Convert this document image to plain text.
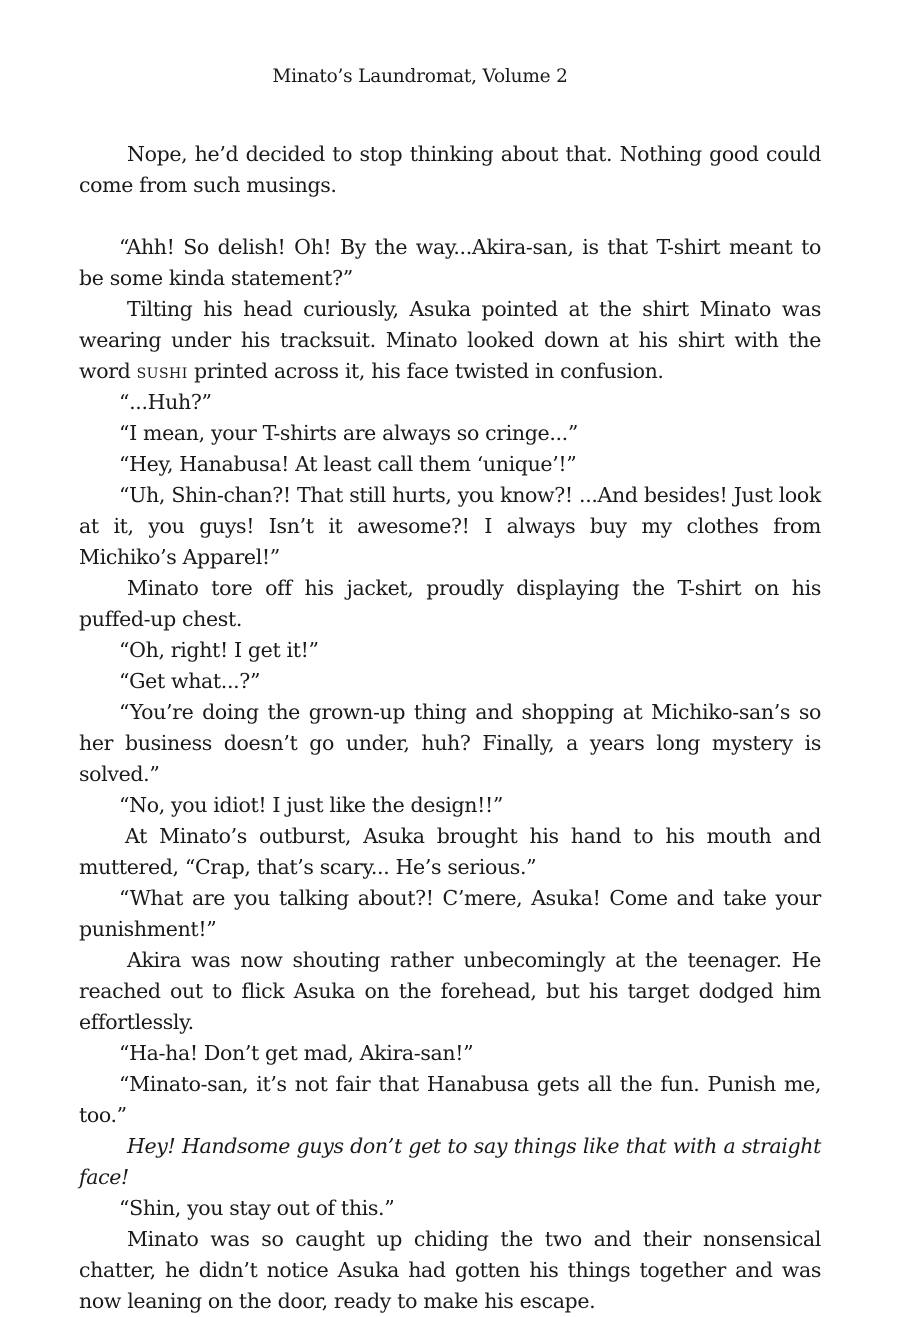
Minato’s Laundromat, Volume 2

Nope, he’d decided to stop thinking about that. Nothing good could come from such musings.

“Ahh! So delish! Oh! By the way...Akira-san, is that T-shirt meant to be some kinda statement?”

Tilting his head curiously, Asuka pointed at the shirt Minato was wearing under his tracksuit. Minato looked down at his shirt with the word sushi printed across it, his face twisted in confusion.

“...Huh?”

“I mean, your T-shirts are always so cringe...”

“Hey, Hanabusa! At least call them ‘unique’!”

“Uh, Shin-chan?! That still hurts, you know?! ...And besides! Just look at it, you guys! Isn’t it awesome?! I always buy my clothes from Michiko’s Apparel!”

Minato tore off his jacket, proudly displaying the T-shirt on his puffed-up chest.

“Oh, right! I get it!”

“Get what...?”

“You’re doing the grown-up thing and shopping at Michiko-san’s so her business doesn’t go under, huh? Finally, a years long mystery is solved.”

“No, you idiot! I just like the design!!”

At Minato’s outburst, Asuka brought his hand to his mouth and muttered, “Crap, that’s scary... He’s serious.”

“What are you talking about?! C’mere, Asuka! Come and take your punishment!”

Akira was now shouting rather unbecomingly at the teenager. He reached out to flick Asuka on the forehead, but his target dodged him effortlessly.

“Ha-ha! Don’t get mad, Akira-san!”

“Minato-san, it’s not fair that Hanabusa gets all the fun. Punish me, too.”

Hey! Handsome guys don’t get to say things like that with a straight face!

“Shin, you stay out of this.”

Minato was so caught up chiding the two and their nonsensical chatter, he didn’t notice Asuka had gotten his things together and was now leaning on the door, ready to make his escape.
